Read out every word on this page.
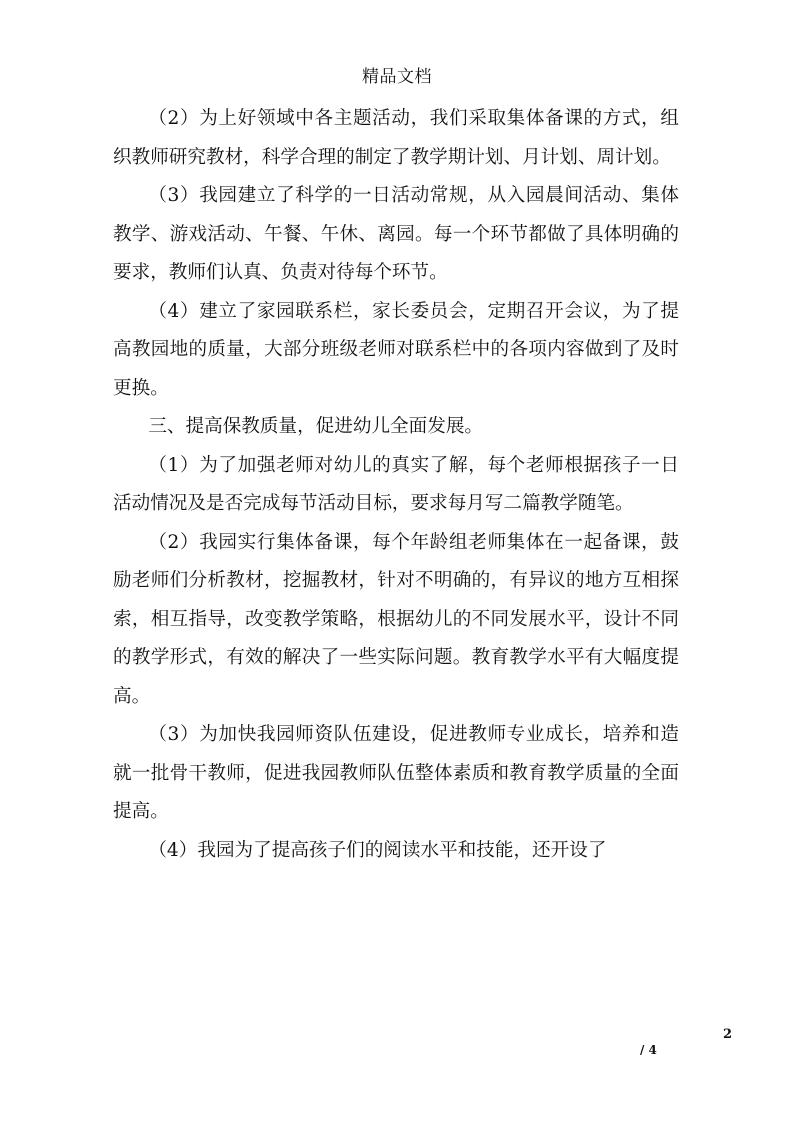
精品文档

（2）为上好领域中各主题活动，我们采取集体备课的方式，组织教师研究教材，科学合理的制定了教学期计划、月计划、周计划。

（3）我园建立了科学的一日活动常规，从入园晨间活动、集体教学、游戏活动、午餐、午休、离园。每一个环节都做了具体明确的要求，教师们认真、负责对待每个环节。

（4）建立了家园联系栏，家长委员会，定期召开会议，为了提高教园地的质量，大部分班级老师对联系栏中的各项内容做到了及时更换。

三、提高保教质量，促进幼儿全面发展。

（1）为了加强老师对幼儿的真实了解，每个老师根据孩子一日活动情况及是否完成每节活动目标，要求每月写二篇教学随笔。

（2）我园实行集体备课，每个年龄组老师集体在一起备课，鼓励老师们分析教材，挖掘教材，针对不明确的，有异议的地方互相探索，相互指导，改变教学策略，根据幼儿的不同发展水平，设计不同的教学形式，有效的解决了一些实际问题。教育教学水平有大幅度提高。

（3）为加快我园师资队伍建设，促进教师专业成长，培养和造就一批骨干教师，促进我园教师队伍整体素质和教育教学质量的全面提高。

（4）我园为了提高孩子们的阅读水平和技能，还开设了

2
/ 4
